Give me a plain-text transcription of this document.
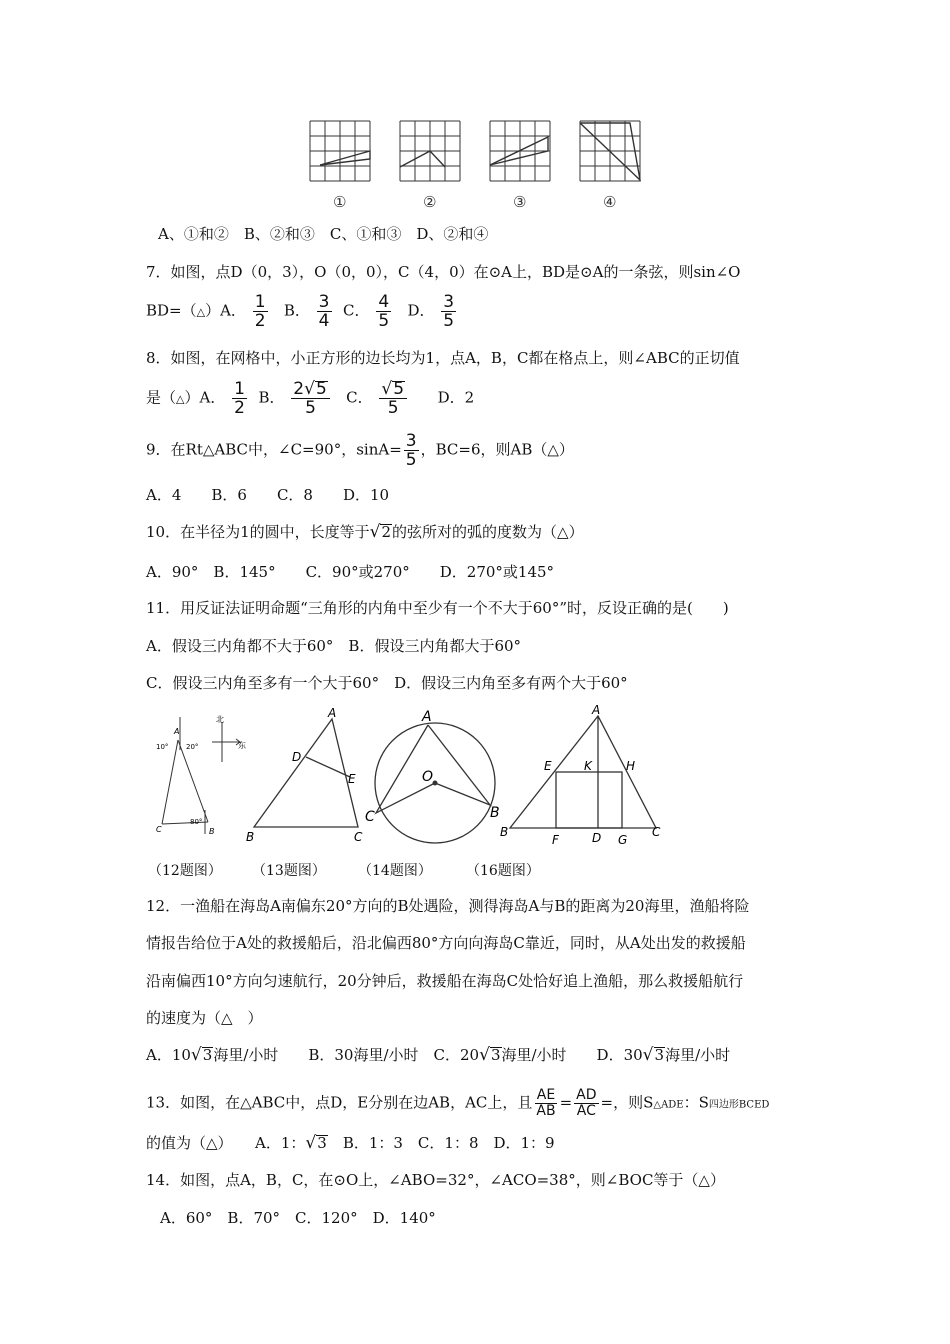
①	②	③	④
A、①和②　B、②和③　C、①和③　D、②和④
7．如图，点D（0，3），O（0，0），C（4，0）在⊙A上，BD是⊙A的一条弦，则sin∠O
BD=（△）A． $\frac{1}{2}$ B． $\frac{3}{4}$ C． $\frac{4}{5}$ D． $\frac{3}{5}$
8．如图，在网格中，小正方形的边长均为1，点A，B，C都在格点上，则∠ABC的正切值
是（△）A． $\frac{1}{2}$ B． $\frac{2√5}{5}$ C． $\frac{√5}{5}$ D．2
9．在Rt△ABC中，∠C=90°，$\sin A= \frac{3}{5}$ ，BC=6，则AB（△）
A．4　　B．6　　C．8　　D．10
10．在半径为1的圆中，长度等于√2的弦所对的弧的度数为（△）
A．90°　B．145°　　C．90°或270°　　D．270°或145°
11．用反证法证明命题“三角形的内角中至少有一个不大于60°”时，反设正确的是(　　)
A．假设三内角都不大于60°　B．假设三内角都大于60°
C．假设三内角至多有一个大于60°　D．假设三内角至多有两个大于60°
北
东
A
B
C
10°	20°
80°
A
B	C
D
E
A
C	B
O
A
B	C
D
E
F	G
H
K
（12题图） （13题图） （14题图） （16题图）
12．一渔船在海岛A南偏东20°方向的B处遇险，测得海岛A与B的距离为20海里，渔船将险
情报告给位于A处的救援船后，沿北偏西80°方向向海岛C靠近，同时，从A处出发的救援船
沿南偏西10°方向匀速航行，20分钟后，救援船在海岛C处恰好追上渔船，那么救援船航行
的速度为（△　）
A．10√3海里/小时　　B．30海里/小时　C．20√3海里/小时　　D．30√3海里/小时
13．如图，在△ABC中，点D，E分别在边AB，AC上，且 $\frac{AE}{AB} = \frac{AD}{AC}$ =，则S△ADE：S四边形BCED
的值为（△）　　A．1：√3　B．1：3　C．1：8　D．1：9
14．如图，点A，B，C，在⊙O上，∠ABO=32°，∠ACO=38°，则∠BOC等于（△）
A．60°　B．70°　C．120°　D．140°
